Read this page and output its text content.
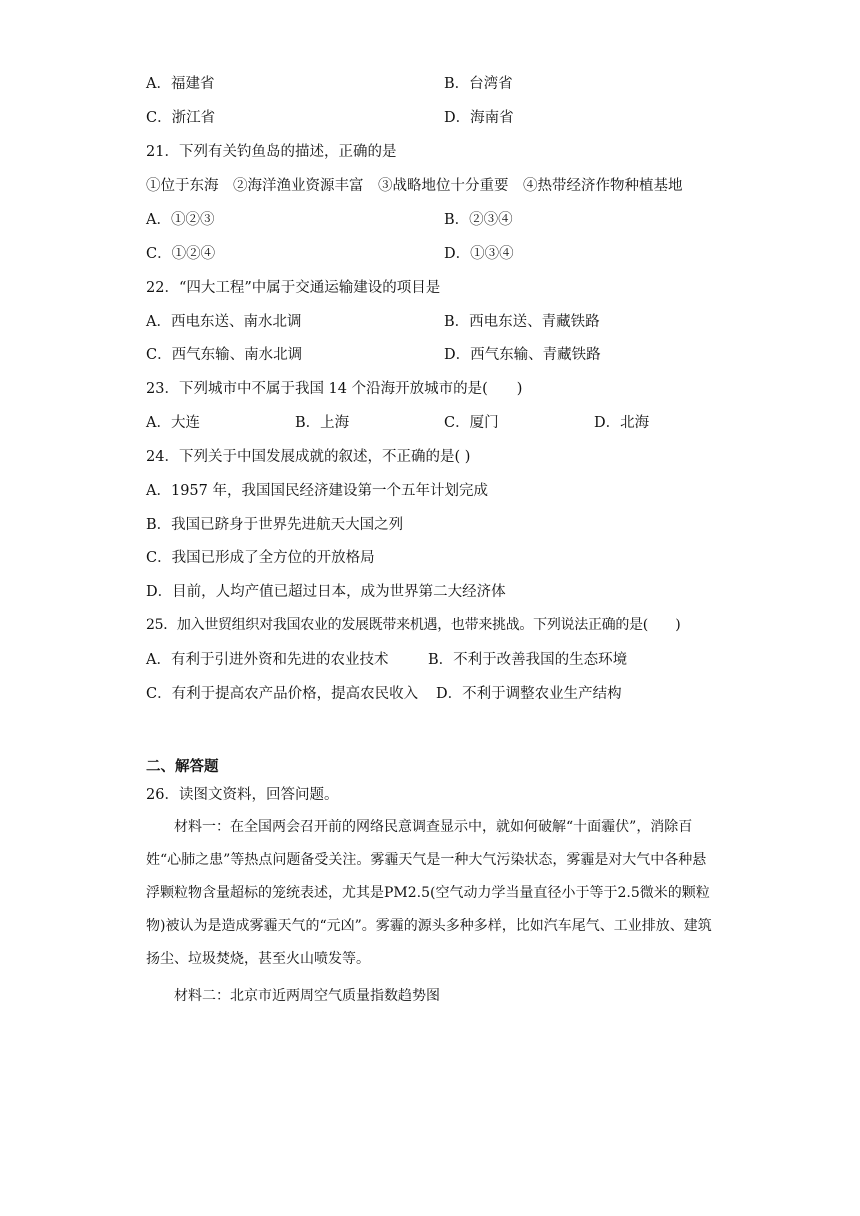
A．福建省	B．台湾省
C．浙江省	D．海南省
21．下列有关钓鱼岛的描述，正确的是
①位于东海　②海洋渔业资源丰富　③战略地位十分重要　④热带经济作物种植基地
A．①②③	B．②③④
C．①②④	D．①③④
22．“四大工程”中属于交通运输建设的项目是
A．西电东送、南水北调	B．西电东送、青藏铁路
C．西气东输、南水北调	D．西气东输、青藏铁路
23．下列城市中不属于我国 14 个沿海开放城市的是(　　)
A．大连	B．上海	C．厦门	D．北海
24．下列关于中国发展成就的叙述，不正确的是( )
A．1957 年，我国国民经济建设第一个五年计划完成
B．我国已跻身于世界先进航天大国之列
C．我国已形成了全方位的开放格局
D．目前，人均产值已超过日本，成为世界第二大经济体
25．加入世贸组织对我国农业的发展既带来机遇，也带来挑战。下列说法正确的是(　　)
A．有利于引进外资和先进的农业技术	B．不利于改善我国的生态环境
C．有利于提高农产品价格，提高农民收入 D．不利于调整农业生产结构
二、解答题
26．读图文资料，回答问题。
材料一：在全国两会召开前的网络民意调查显示中，就如何破解“十面霾伏”，消除百姓“心肺之患”等热点问题备受关注。雾霾天气是一种大气污染状态，雾霾是对大气中各种悬浮颗粒物含量超标的笼统表述，尤其是PM2.5(空气动力学当量直径小于等于2.5微米的颗粒物)被认为是造成雾霾天气的“元凶”。雾霾的源头多种多样，比如汽车尾气、工业排放、建筑扬尘、垃圾焚烧，甚至火山喷发等。
材料二：北京市近两周空气质量指数趋势图
